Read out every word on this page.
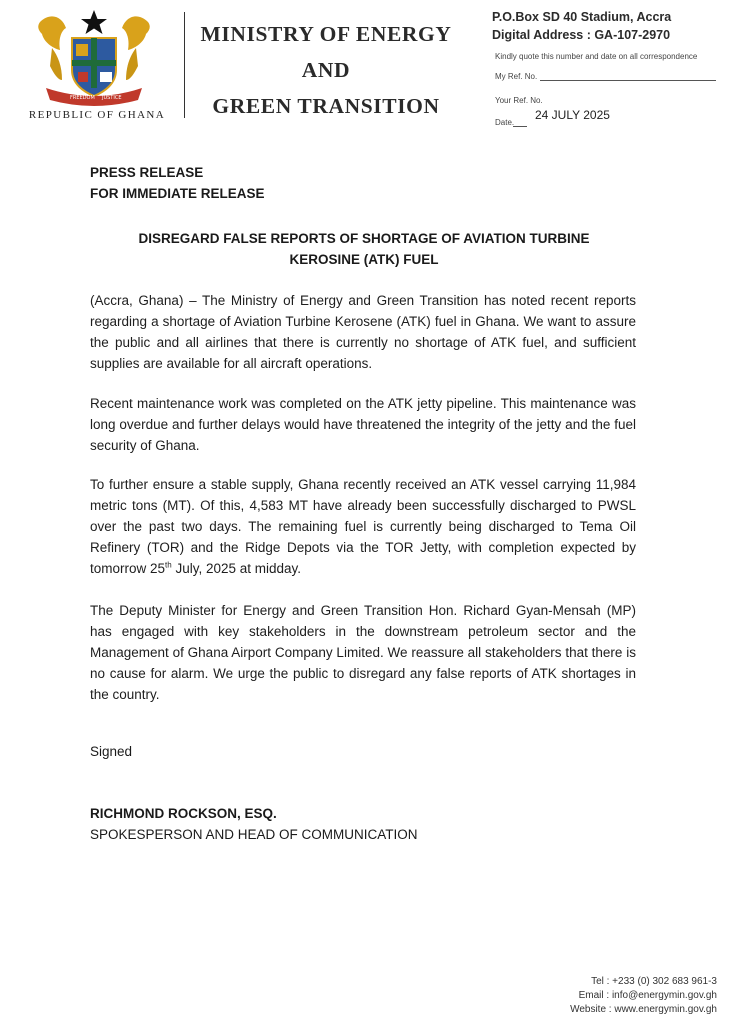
FREEDOM JUSTICE
REPUBLIC OF GHANA
MINISTRY OF ENERGY
AND
GREEN TRANSITION
P.O.Box SD 40 Stadium, Accra
Digital Address : GA-107-2970
Kindly quote this number and date on all correspondence
My Ref. No.
Your Ref. No.
Date.
24 JULY 2025
PRESS RELEASE
FOR IMMEDIATE RELEASE
DISREGARD FALSE REPORTS OF SHORTAGE OF AVIATION TURBINE
KEROSINE (ATK) FUEL
(Accra, Ghana) – The Ministry of Energy and Green Transition has noted recent reports regarding a shortage of Aviation Turbine Kerosene (ATK) fuel in Ghana. We want to assure the public and all airlines that there is currently no shortage of ATK fuel, and sufficient supplies are available for all aircraft operations.
Recent maintenance work was completed on the ATK jetty pipeline. This maintenance was long overdue and further delays would have threatened the integrity of the jetty and the fuel security of Ghana.
To further ensure a stable supply, Ghana recently received an ATK vessel carrying 11,984 metric tons (MT). Of this, 4,583 MT have already been successfully discharged to PWSL over the past two days. The remaining fuel is currently being discharged to Tema Oil Refinery (TOR) and the Ridge Depots via the TOR Jetty, with completion expected by tomorrow 25th July, 2025 at midday.
The Deputy Minister for Energy and Green Transition Hon. Richard Gyan-Mensah (MP) has engaged with key stakeholders in the downstream petroleum sector and the Management of Ghana Airport Company Limited. We reassure all stakeholders that there is no cause for alarm. We urge the public to disregard any false reports of ATK shortages in the country.
Signed
RICHMOND ROCKSON, ESQ.
SPOKESPERSON AND HEAD OF COMMUNICATION
Tel : +233 (0) 302 683 961-3
Email : info@energymin.gov.gh
Website : www.energymin.gov.gh
